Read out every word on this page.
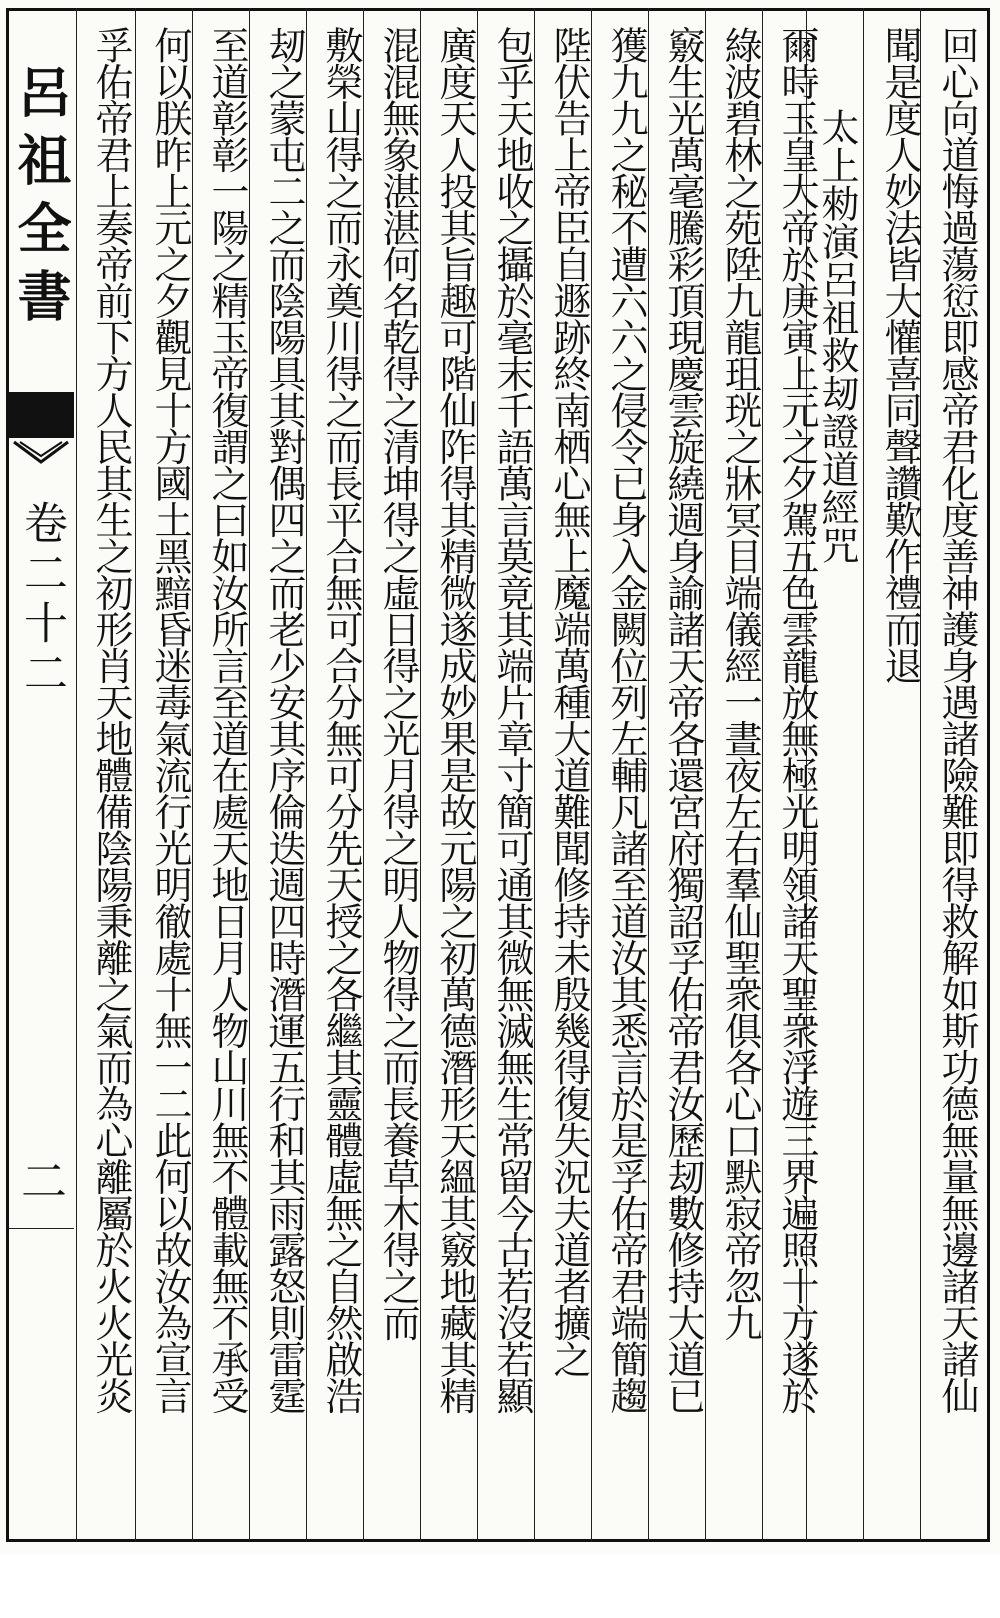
呂祖全書
卷二十二
二	回心向道悔過蕩愆即感帝君化度善神護身遇諸險難即得救解如斯功德無量無邊諸天諸仙
聞是度人妙法皆大懽喜同聲讚歎作禮而退
太上勑演呂祖救刼證道經咒
爾時玉皇大帝於庚寅上元之夕駕五色雲龍放無極光明領諸天聖衆浮遊三界遍照十方遂於
綠波碧林之苑陞九龍珇珖之牀冥目端儀經一晝夜左右羣仙聖衆俱各心口默寂帝忽九
竅生光萬毫騰彩頂現慶雲旋繞週身諭諸天帝各還宮府獨詔孚佑帝君汝歷刼數修持大道已
獲九九之秘不遭六六之侵令已身入金闕位列左輔凡諸至道汝其悉言於是孚佑帝君端簡趨
陛伏告上帝臣自遯跡終南栖心無上魔端萬種大道難聞修持未殷幾得復失況夫道者擴之
包乎天地收之攝於毫末千語萬言莫竟其端片章寸簡可通其微無滅無生常留今古若沒若顯
廣度天人投其旨趣可階仙阼得其精微遂成妙果是故元陽之初萬德潛形天縕其竅地藏其精
混混無象湛湛何名乾得之清坤得之虛日得之光月得之明人物得之而長養草木得之而
敷榮山得之而永奠川得之而長平合無可合分無可分先天授之各繼其靈體虛無之自然啟浩
刼之蒙屯二之而陰陽具其對偶四之而老少安其序倫迭週四時潛運五行和其雨露怒則雷霆
至道彰彰一陽之精玉帝復謂之曰如汝所言至道在處天地日月人物山川無不體載無不承受
何以朕昨上元之夕觀見十方國土黑黯昏迷毒氣流行光明徹處十無一二此何以故汝為宣言
孚佑帝君上奏帝前下方人民其生之初形肖天地體備陰陽秉離之氣而為心離屬於火火光炎
